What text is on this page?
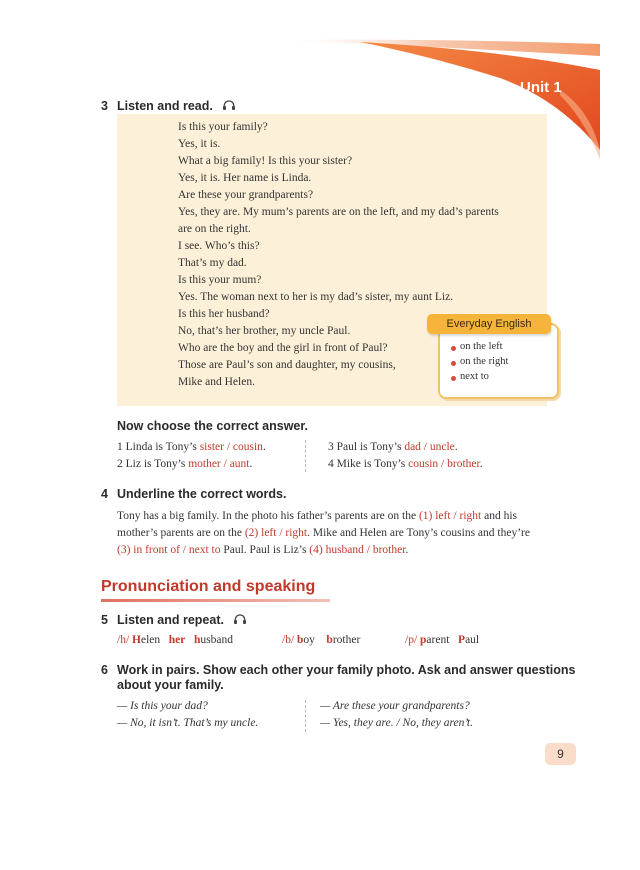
Unit 1
3 Listen and read.
Is this your family?
Yes, it is.
What a big family! Is this your sister?
Yes, it is. Her name is Linda.
Are these your grandparents?
Yes, they are. My mum’s parents are on the left, and my dad’s parents
are on the right.
I see. Who’s this?
That’s my dad.
Is this your mum?
Yes. The woman next to her is my dad’s sister, my aunt Liz.
Is this her husband?
No, that’s her brother, my uncle Paul.
Who are the boy and the girl in front of Paul?
Those are Paul’s son and daughter, my cousins,
Mike and Helen.
Everyday English
on the left
on the right
next to
Now choose the correct answer.
1 Linda is Tony’s sister / cousin.
2 Liz is Tony’s mother / aunt.
3 Paul is Tony’s dad / uncle.
4 Mike is Tony’s cousin / brother.
4 Underline the correct words.
Tony has a big family. In the photo his father’s parents are on the (1) left / right and his
mother’s parents are on the (2) left / right. Mike and Helen are Tony’s cousins and they’re
(3) in front of / next to Paul. Paul is Liz’s (4) husband / brother.
Pronunciation and speaking
5 Listen and repeat.
/h/ Helen her husband	/b/ boy brother	/p/ parent Paul
6 Work in pairs. Show each other your family photo. Ask and answer questions
about your family.
— Is this your dad?
— No, it isn’t. That’s my uncle.
— Are these your grandparents?
— Yes, they are. / No, they aren’t.
9
